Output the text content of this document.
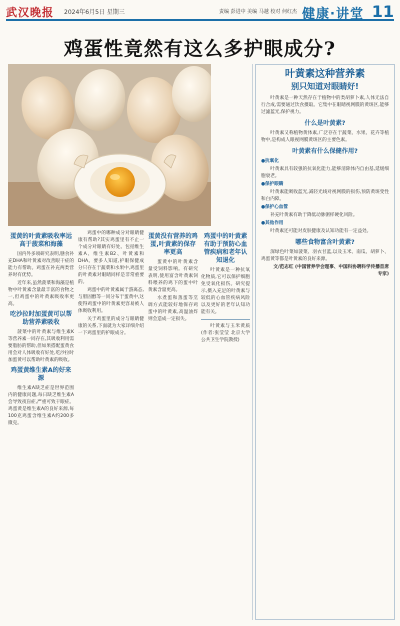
武汉晚报 2024年6月5日 星期三	责编 彭进中 美编 马越 校对 何红杰 健康·讲堂 11
鸡蛋性竟然有这么多护眼成分?
蛋黄的叶黄素吸收率远高于菠菜和海藻

国内外多项研究表明,膳食补充DHA和叶黄素对改善眼干症的能力有帮助。鸡蛋在补充两类营养时有优势。

近年来,虽然菠菜和海藻是植物中叶黄素含量最丰富的食物之一,但鸡蛋中的叶黄素吸收率更高。

吃沙拉时加蛋黄可以帮助营养素吸收

菠菜中的叶黄素与维生素K等营养素一同存在,其吸收利用需要脂肪的帮助,但如果搭配蛋黄食用会对人体吸收有好处,吃沙拉时加蛋黄可以帮助叶黄素的吸收。

鸡蛋黄维生素A的好来源

维生素A缺乏症是世界范围内的健康问题,每日缺乏维生素A会导致夜盲症,严重可致干眼症。鸡蛋黄是维生素A的良好来源,每100克鸡蛋含维生素A约200多微克。

鸡蛋中的哪种成分对眼睛健康有帮助?其实鸡蛋里有不止一个成分对眼睛有好处。包括维生素A、维生素B2、叶黄素和DHA。要多人知道,护眼保健成分只存在于蔬菜和水果中,鸡蛋里的叶黄素对眼睛同样是非常重要的。

鸡蛋中的叶黄素属于游离态,与胆固醇等一同分布于蛋黄中,这使得鸡蛋中的叶黄素更容易被人体吸收利用。

关于鸡蛋里的成分与眼睛健康的关系,下面就为大家详细介绍一下鸡蛋里的护眼成分。

蛋黄没有营养的鸡蛋,叶黄素的保存率更高

蛋黄中的叶黄素含量受饲料影响。有研究表明,使用富含叶黄素饲料喂养的鸡下的蛋中叶黄素含量更高。

水煮蛋和蒸蛋等烹调方式能较好地保存鸡蛋中的叶黄素,高温油炸则会造成一定损失。

鸡蛋中的叶黄素有助于预防心血管疾病和老年认知退化

叶黄素是一种抗氧化物质,它可以保护细胞免受氧化损伤。研究提示,摄入充足的叶黄素与较低的心血管疾病风险以及更好的老年认知功能有关。

叶黄素与玉米黄质(作者:张莹莹 北京大学公共卫生学院教授)

叶黄素这种营养素
别只知道对眼睛好!

叶黄素是一种天然存在于植物中的类胡萝卜素,人体无法自行合成,需要通过饮食摄取。它集中在眼睛视网膜的黄斑区,能够过滤蓝光,保护视力。

什么是叶黄素?

叶黄素又称植物黄体素,广泛存在于蔬菜、水果、花卉等植物中,是构成人眼视网膜黄斑区的主要色素。

叶黄素有什么保健作用?

●抗氧化

叶黄素具有较强的抗氧化能力,能够清除体内自由基,延缓细胞衰老。

●保护眼睛

叶黄素能吸收蓝光,减轻光线对视网膜的损伤,预防黄斑变性和白内障。

●保护心血管

补充叶黄素有助于降低动脉粥样硬化风险。

●其他作用

叶黄素还可能对皮肤健康及认知功能有一定益处。

哪些食物富含叶黄素?

深绿色叶菜如菠菜、羽衣甘蓝,以及玉米、南瓜、胡萝卜、鸡蛋黄等都是叶黄素的良好来源。

文/范志红 (中国营养学会理事、中国科协聘科学传播首席专家)
